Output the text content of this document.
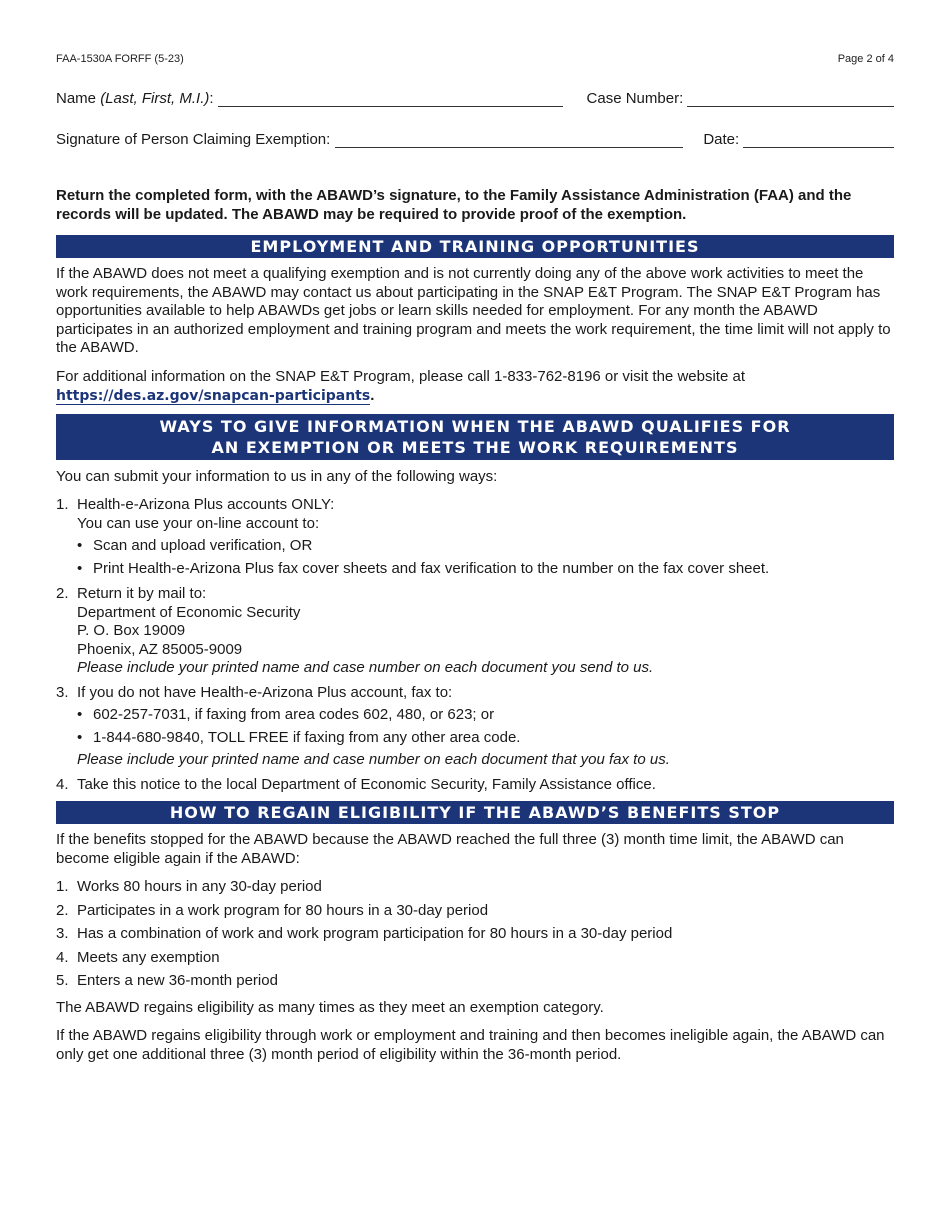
FAA-1530A FORFF (5-23)	Page 2 of 4
Name (Last, First, M.I.):	Case Number:
Signature of Person Claiming Exemption:	Date:
Return the completed form, with the ABAWD’s signature, to the Family Assistance Administration (FAA) and the records will be updated. The ABAWD may be required to provide proof of the exemption.
EMPLOYMENT AND TRAINING OPPORTUNITIES
If the ABAWD does not meet a qualifying exemption and is not currently doing any of the above work activities to meet the work requirements, the ABAWD may contact us about participating in the SNAP E&T Program. The SNAP E&T Program has opportunities available to help ABAWDs get jobs or learn skills needed for employment. For any month the ABAWD participates in an authorized employment and training program and meets the work requirement, the time limit will not apply to the ABAWD.
For additional information on the SNAP E&T Program, please call 1-833-762-8196 or visit the website at
https://des.az.gov/snapcan-participants.
WAYS TO GIVE INFORMATION WHEN THE ABAWD QUALIFIES FOR
AN EXEMPTION OR MEETS THE WORK REQUIREMENTS
You can submit your information to us in any of the following ways:
1. Health-e-Arizona Plus accounts ONLY:
You can use your on-line account to:
• Scan and upload verification, OR
• Print Health-e-Arizona Plus fax cover sheets and fax verification to the number on the fax cover sheet.
2. Return it by mail to:
Department of Economic Security
P. O. Box 19009
Phoenix, AZ 85005-9009
Please include your printed name and case number on each document you send to us.
3. If you do not have Health-e-Arizona Plus account, fax to:
• 602-257-7031, if faxing from area codes 602, 480, or 623; or
• 1-844-680-9840, TOLL FREE if faxing from any other area code.
Please include your printed name and case number on each document that you fax to us.
4. Take this notice to the local Department of Economic Security, Family Assistance office.
HOW TO REGAIN ELIGIBILITY IF THE ABAWD’S BENEFITS STOP
If the benefits stopped for the ABAWD because the ABAWD reached the full three (3) month time limit, the ABAWD can become eligible again if the ABAWD:
1. Works 80 hours in any 30-day period
2. Participates in a work program for 80 hours in a 30-day period
3. Has a combination of work and work program participation for 80 hours in a 30-day period
4. Meets any exemption
5. Enters a new 36-month period
The ABAWD regains eligibility as many times as they meet an exemption category.
If the ABAWD regains eligibility through work or employment and training and then becomes ineligible again, the ABAWD can only get one additional three (3) month period of eligibility within the 36-month period.
